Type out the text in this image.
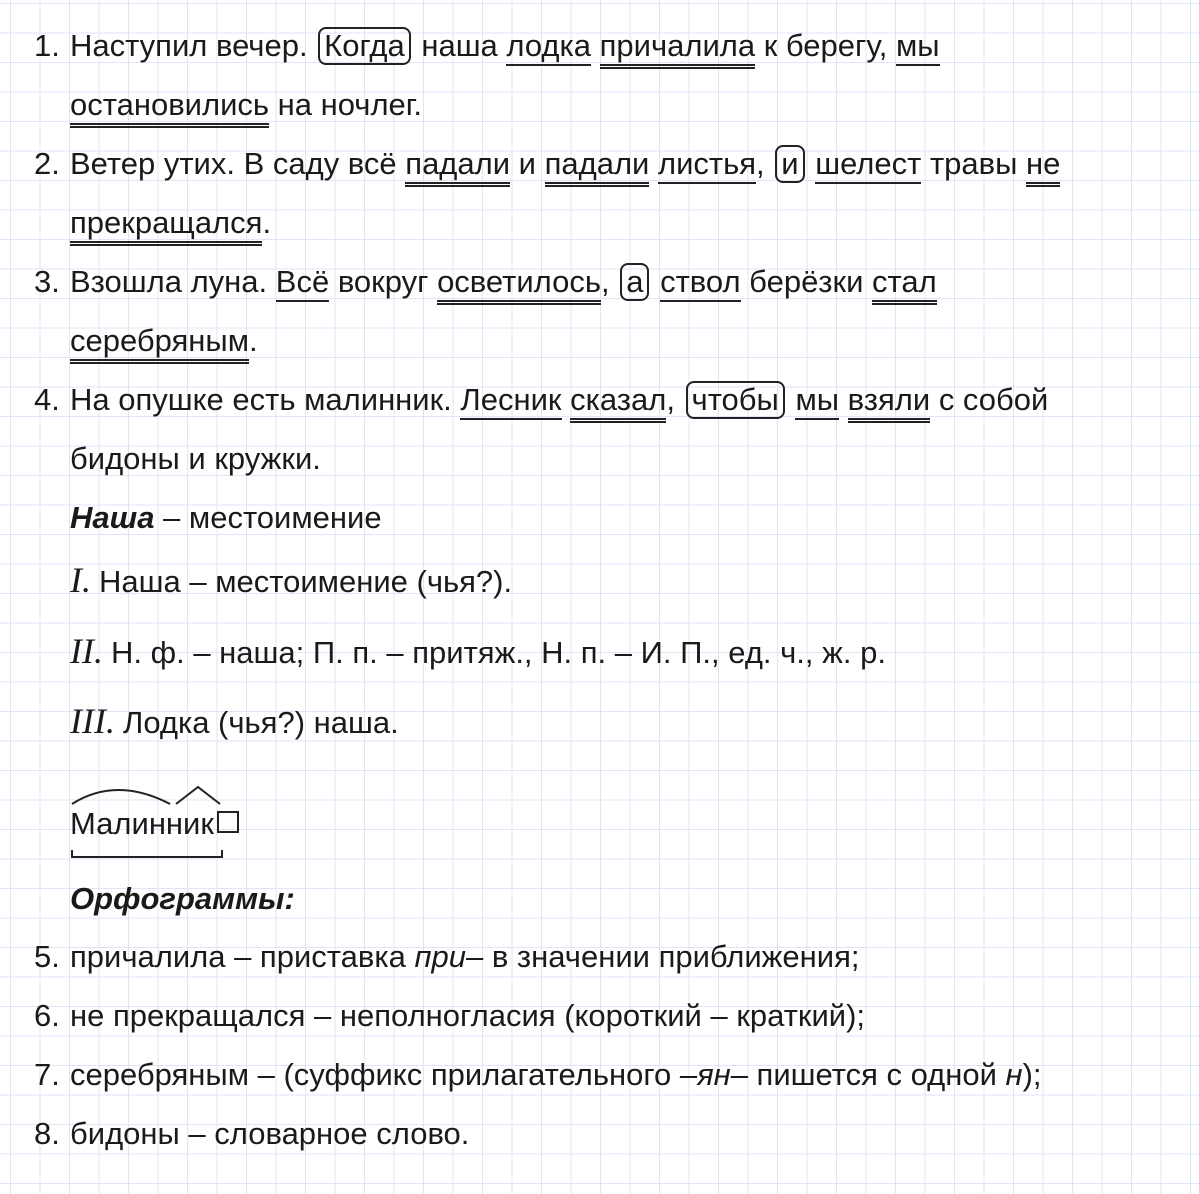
1. Наступил вечер. Когда наша лодка причалила к берегу, мы
остановились на ночлег.
2. Ветер утих. В саду всё падали и падали листья, и шелест травы не
прекращался.
3. Взошла луна. Всё вокруг осветилось, а ствол берёзки стал
серебряным.
4. На опушке есть малинник. Лесник сказал, чтобы мы взяли с собой
бидоны и кружки.
Наша – местоимение
I. Наша – местоимение (чья?).
II. Н. ф. – наша; П. п. – притяж., Н. п. – И. П., ед. ч., ж. р.
III. Лодка (чья?) наша.
Малинник
Орфограммы:
5. причалила – приставка при– в значении приближения;
6. не прекращался – неполногласия (короткий – краткий);
7. серебряным – (суффикс прилагательного –ян– пишется с одной н);
8. бидоны – словарное слово.
